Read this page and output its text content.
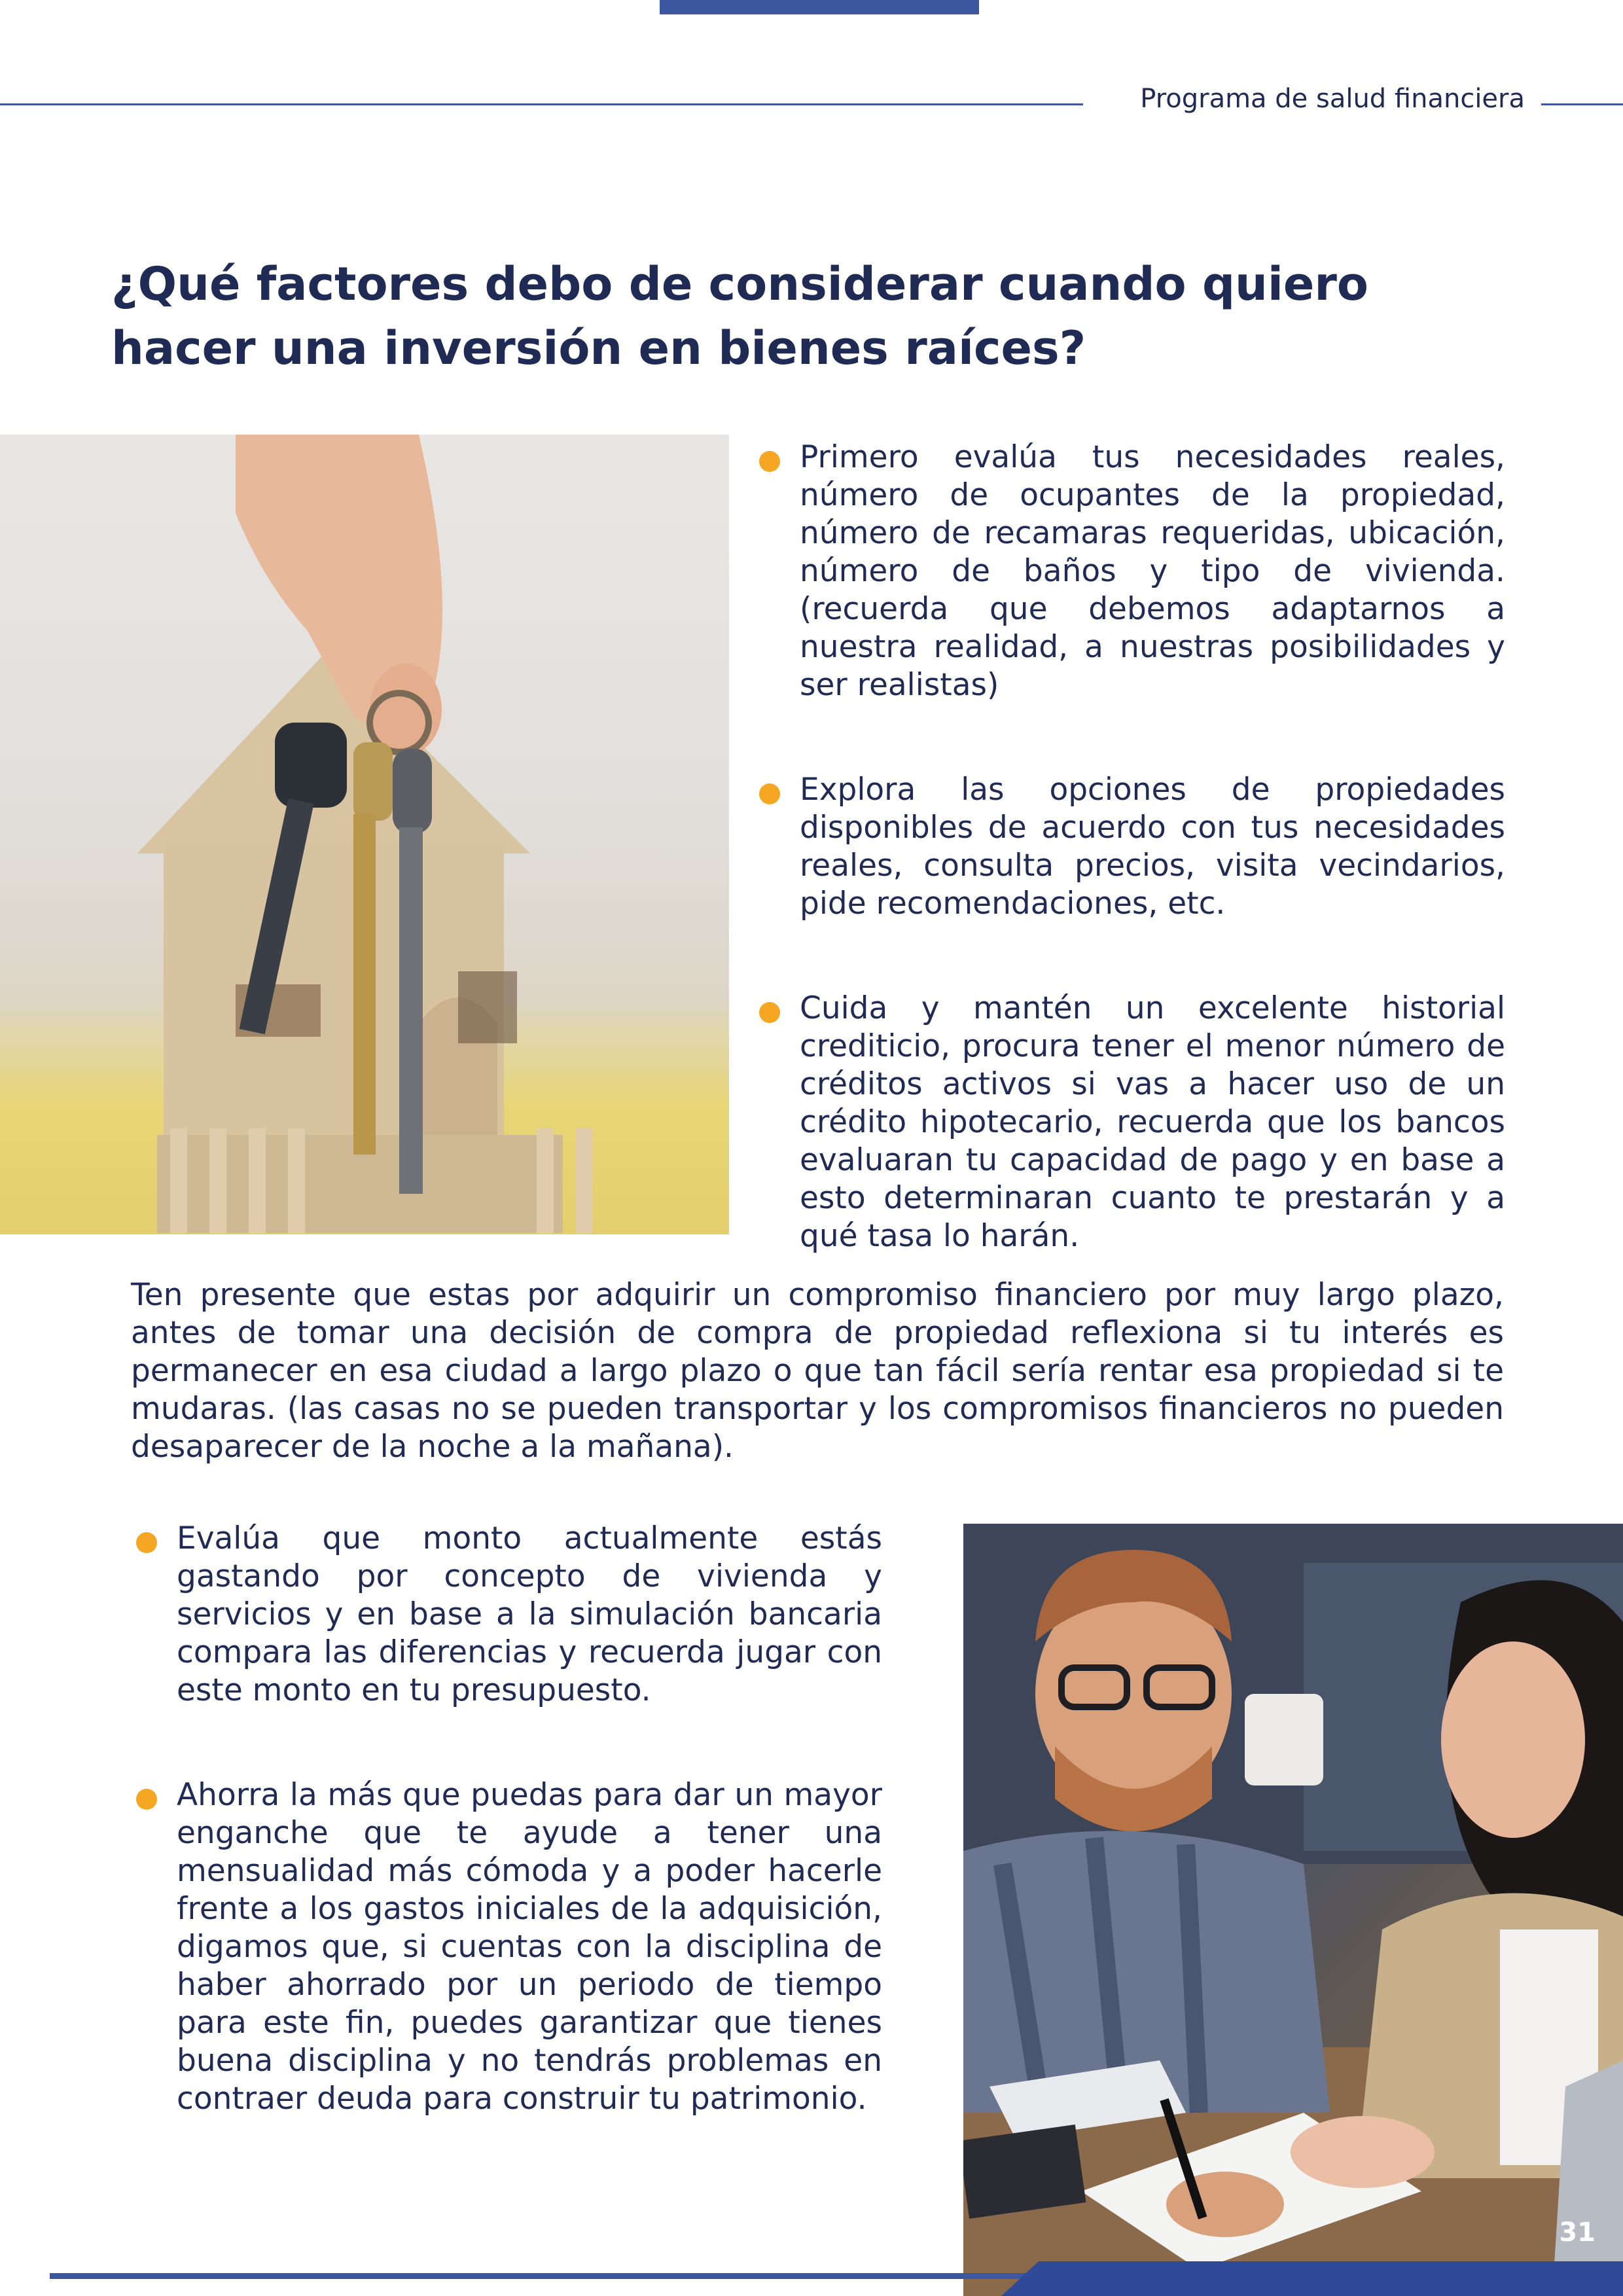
Programa de salud financiera
¿Qué factores debo de considerar cuando quiero hacer una inversión en bienes raíces?
Primero evalúa tus necesidades reales, número de ocupantes de la propiedad, número de recamaras requeridas, ubicación, número de baños y tipo de vivienda. (recuerda que debemos adaptarnos a nuestra realidad, a nuestras posibilidades y ser realistas)
Explora las opciones de propiedades disponibles de acuerdo con tus necesidades reales, consulta precios, visita vecindarios, pide recomendaciones, etc.
Cuida y mantén un excelente historial crediticio, procura tener el menor número de créditos activos si vas a hacer uso de un crédito hipotecario, recuerda que los bancos evaluaran tu capacidad de pago y en base a esto determinaran cuanto te prestarán y a qué tasa lo harán.

Ten presente que estas por adquirir un compromiso financiero por muy largo plazo, antes de tomar una decisión de compra de propiedad reflexiona si tu interés es permanecer en esa ciudad a largo plazo o que tan fácil sería rentar esa propiedad si te mudaras. (las casas no se pueden transportar y los compromisos financieros no pueden desaparecer de la noche a la mañana).

Evalúa que monto actualmente estás gastando por concepto de vivienda y servicios y en base a la simulación bancaria compara las diferencias y recuerda jugar con este monto en tu presupuesto.
Ahorra la más que puedas para dar un mayor enganche que te ayude a tener una mensualidad más cómoda y a poder hacerle frente a los gastos iniciales de la adquisición, digamos que, si cuentas con la disciplina de haber ahorrado por un periodo de tiempo para este fin, puedes garantizar que tienes buena disciplina y no tendrás problemas en contraer deuda para construir tu patrimonio.
31
